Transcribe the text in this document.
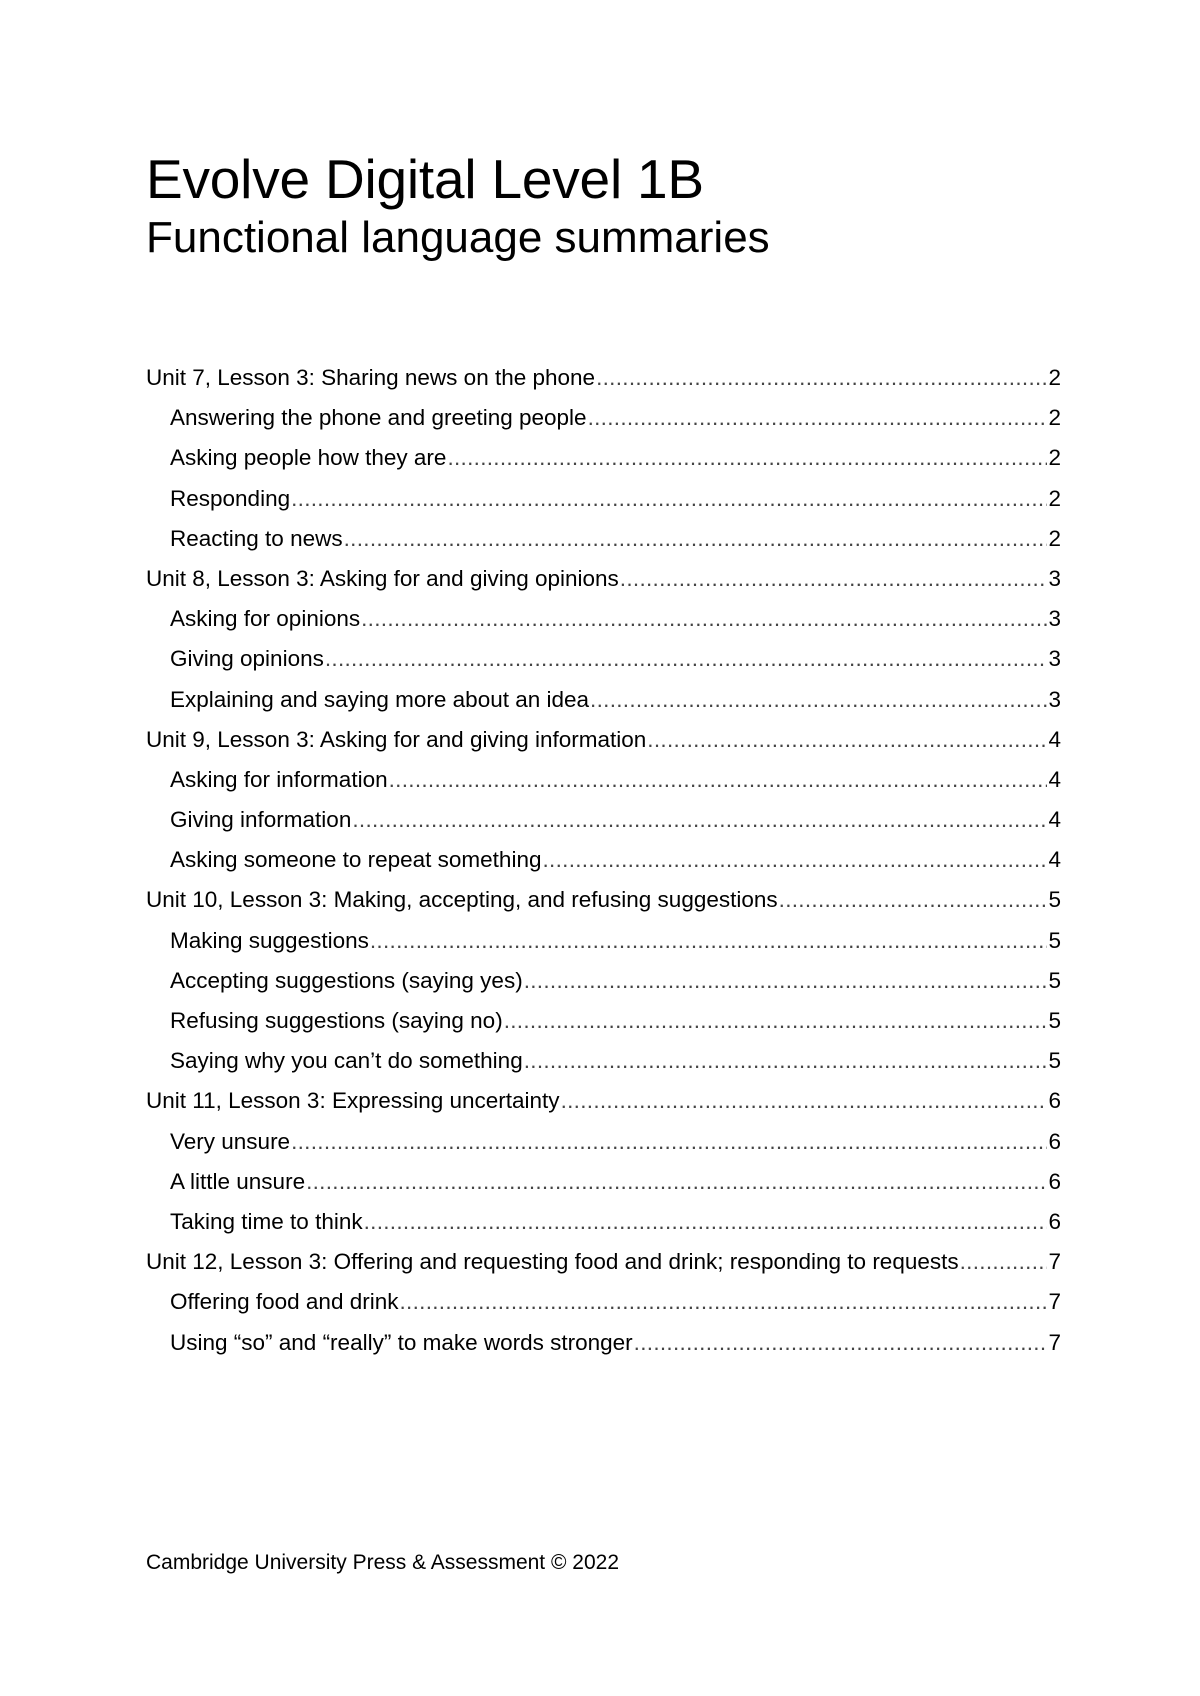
Evolve Digital Level 1B
Functional language summaries
Unit 7, Lesson 3: Sharing news on the phone .....	2
Answering the phone and greeting people .....	2
Asking people how they are .....	2
Responding .....	2
Reacting to news .....	2
Unit 8, Lesson 3: Asking for and giving opinions .....	3
Asking for opinions .....	3
Giving opinions .....	3
Explaining and saying more about an idea .....	3
Unit 9, Lesson 3: Asking for and giving information .....	4
Asking for information .....	4
Giving information .....	4
Asking someone to repeat something .....	4
Unit 10, Lesson 3: Making, accepting, and refusing suggestions .....	5
Making suggestions .....	5
Accepting suggestions (saying yes) .....	5
Refusing suggestions (saying no) .....	5
Saying why you can’t do something .....	5
Unit 11, Lesson 3: Expressing uncertainty .....	6
Very unsure .....	6
A little unsure .....	6
Taking time to think .....	6
Unit 12, Lesson 3: Offering and requesting food and drink; responding to requests .....	7
Offering food and drink .....	7
Using “so” and “really” to make words stronger .....	7

Cambridge University Press & Assessment © 2022
